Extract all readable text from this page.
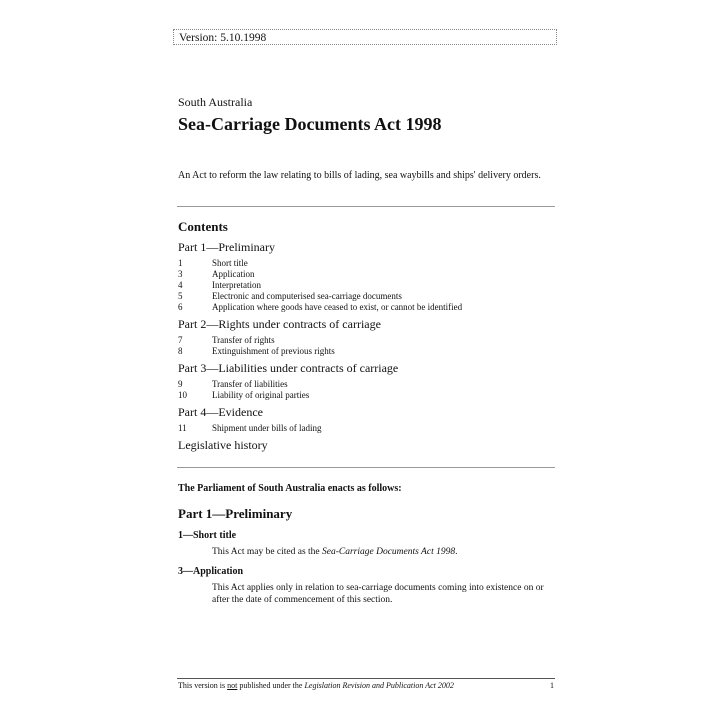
Version: 5.10.1998
South Australia
Sea-Carriage Documents Act 1998
An Act to reform the law relating to bills of lading, sea waybills and ships' delivery orders.
Contents
Part 1—Preliminary
1	Short title
3	Application
4	Interpretation
5	Electronic and computerised sea-carriage documents
6	Application where goods have ceased to exist, or cannot be identified
Part 2—Rights under contracts of carriage
7	Transfer of rights
8	Extinguishment of previous rights
Part 3—Liabilities under contracts of carriage
9	Transfer of liabilities
10	Liability of original parties
Part 4—Evidence
11	Shipment under bills of lading
Legislative history
The Parliament of South Australia enacts as follows:
Part 1—Preliminary
1—Short title
This Act may be cited as the Sea-Carriage Documents Act 1998.
3—Application
This Act applies only in relation to sea-carriage documents coming into existence on or after the date of commencement of this section.
This version is not published under the Legislation Revision and Publication Act 2002	1
